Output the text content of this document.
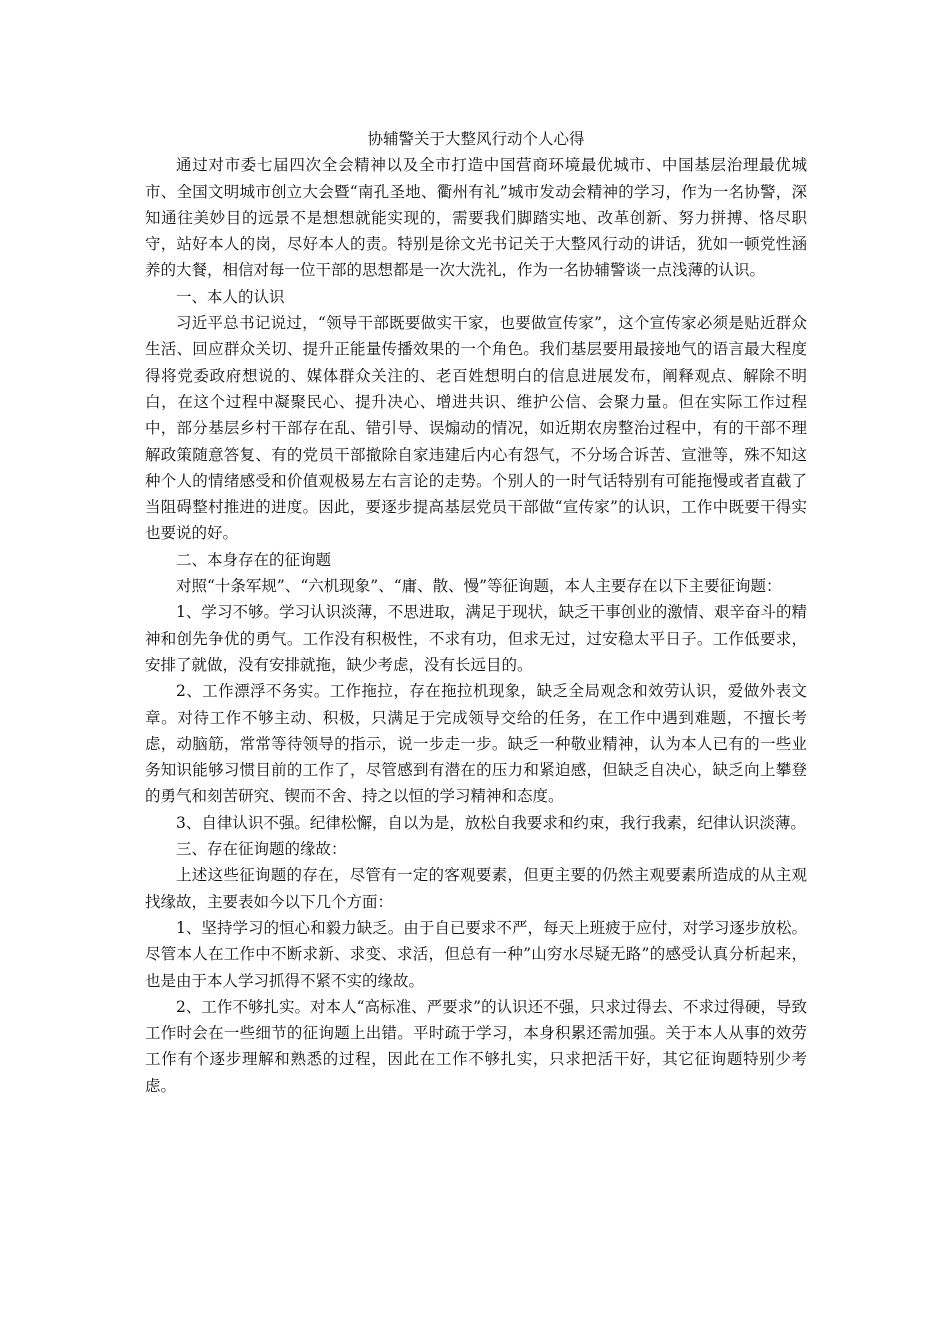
协辅警关于大整风行动个人心得

通过对市委七届四次全会精神以及全市打造中国营商环境最优城市、中国基层治理最优城市、全国文明城市创立大会暨“南孔圣地、衢州有礼”城市发动会精神的学习，作为一名协警，深知通往美妙目的远景不是想想就能实现的，需要我们脚踏实地、改革创新、努力拼搏、恪尽职守，站好本人的岗，尽好本人的责。特别是徐文光书记关于大整风行动的讲话，犹如一顿党性涵养的大餐，相信对每一位干部的思想都是一次大洗礼，作为一名协辅警谈一点浅薄的认识。

一、本人的认识

习近平总书记说过，“领导干部既要做实干家，也要做宣传家”，这个宣传家必须是贴近群众生活、回应群众关切、提升正能量传播效果的一个角色。我们基层要用最接地气的语言最大程度得将党委政府想说的、媒体群众关注的、老百姓想明白的信息进展发布，阐释观点、解除不明白，在这个过程中凝聚民心、提升决心、增进共识、维护公信、会聚力量。但在实际工作过程中，部分基层乡村干部存在乱、错引导、误煽动的情况，如近期农房整治过程中，有的干部不理解政策随意答复、有的党员干部撤除自家违建后内心有怨气，不分场合诉苦、宣泄等，殊不知这种个人的情绪感受和价值观极易左右言论的走势。个别人的一时气话特别有可能拖慢或者直截了当阻碍整村推进的进度。因此，要逐步提高基层党员干部做“宣传家”的认识，工作中既要干得实也要说的好。

二、本身存在的征询题

对照“十条军规”、“六机现象”、“庸、散、慢”等征询题，本人主要存在以下主要征询题：

1、学习不够。学习认识淡薄，不思进取，满足于现状，缺乏干事创业的激情、艰辛奋斗的精神和创先争优的勇气。工作没有积极性，不求有功，但求无过，过安稳太平日子。工作低要求，安排了就做，没有安排就拖，缺少考虑，没有长远目的。

2、工作漂浮不务实。工作拖拉，存在拖拉机现象，缺乏全局观念和效劳认识，爱做外表文章。对待工作不够主动、积极，只满足于完成领导交给的任务，在工作中遇到难题，不擅长考虑，动脑筋，常常等待领导的指示，说一步走一步。缺乏一种敬业精神，认为本人已有的一些业务知识能够习惯目前的工作了，尽管感到有潜在的压力和紧迫感，但缺乏自决心，缺乏向上攀登的勇气和刻苦研究、锲而不舍、持之以恒的学习精神和态度。

3、自律认识不强。纪律松懈，自以为是，放松自我要求和约束，我行我素，纪律认识淡薄。

三、存在征询题的缘故：

上述这些征询题的存在，尽管有一定的客观要素，但更主要的仍然主观要素所造成的从主观找缘故，主要表如今以下几个方面：

1、坚持学习的恒心和毅力缺乏。由于自已要求不严，每天上班疲于应付，对学习逐步放松。尽管本人在工作中不断求新、求变、求活，但总有一种”山穷水尽疑无路”的感受认真分析起来，也是由于本人学习抓得不紧不实的缘故。

2、工作不够扎实。对本人“高标准、严要求”的认识还不强，只求过得去、不求过得硬，导致工作时会在一些细节的征询题上出错。平时疏于学习，本身积累还需加强。关于本人从事的效劳工作有个逐步理解和熟悉的过程，因此在工作不够扎实，只求把活干好，其它征询题特别少考虑。
